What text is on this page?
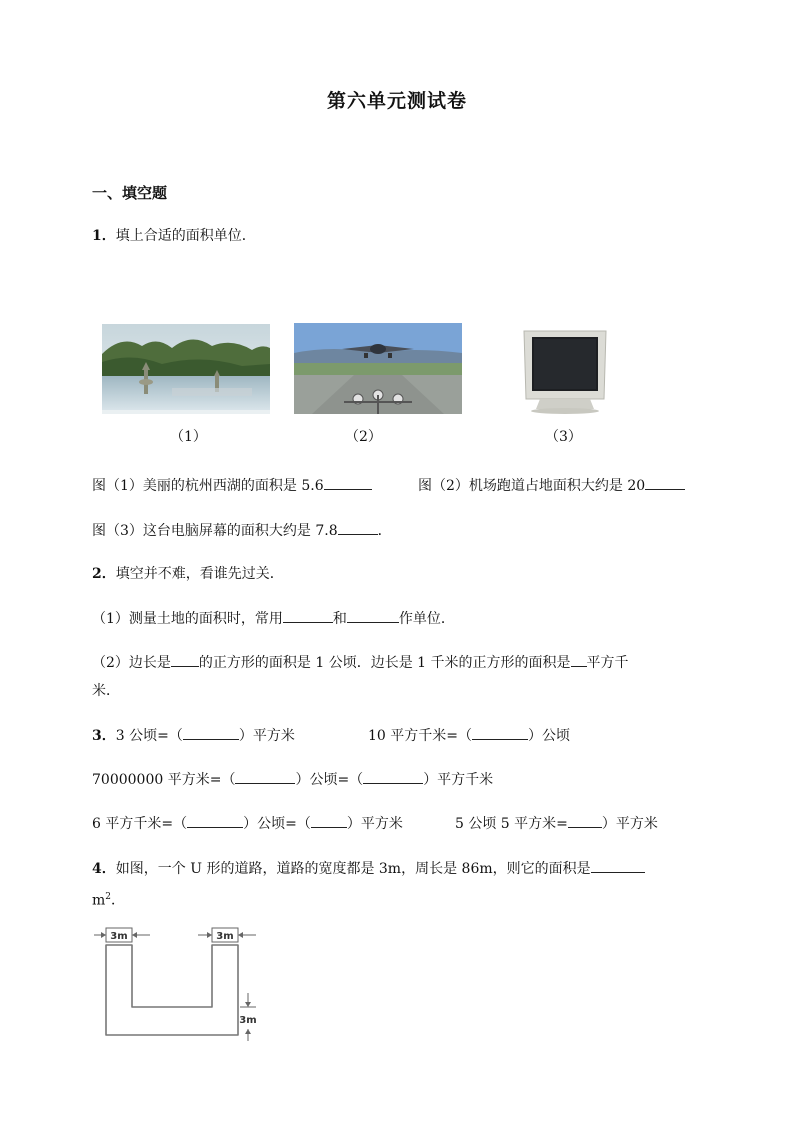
第六单元测试卷
一、填空题
1．填上合适的面积单位．
（1）	（2）	（3）
图（1）美丽的杭州西湖的面积是 5.6	图（2）机场跑道占地面积大约是 20
图（3）这台电脑屏幕的面积大约是 7.8	．
2．填空并不难，看谁先过关．
（1）测量土地的面积时，常用	和	作单位．
（2）边长是 的正方形的面积是 1 公顷．边长是 1 千米的正方形的面积是 平方千
米．
3．3 公顷=（	）平方米	10 平方千米=（	）公顷
70000000 平方米=（	）公顷=（	）平方千米
6 平方千米=（	）公顷=（	）平方米	5 公顷 5 平方米= ）平方米
4．如图，一个 U 形的道路，道路的宽度都是 3m，周长是 86m，则它的面积是
$m^2$．
3m	3m
3m
